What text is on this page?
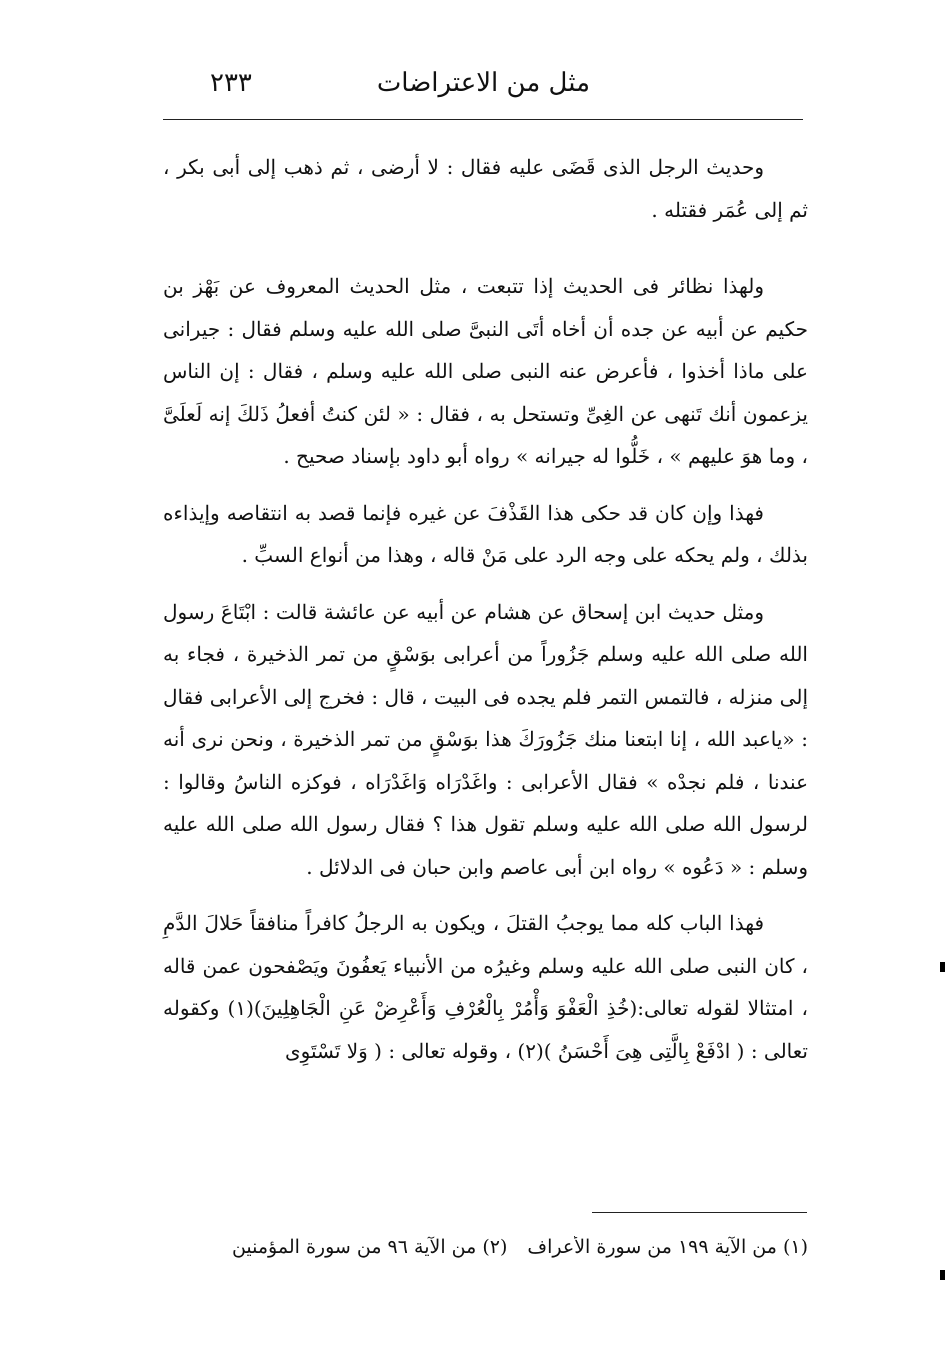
مثل من الاعتراضات
٢٣٣

وحديث الرجل الذى قَضَى عليه فقال : لا أرضى ، ثم ذهب إلى أبى بكر ، ثم إلى عُمَر فقتله .

ولهذا نظائر فى الحديث إذا تتبعت ، مثل الحديث المعروف عن بَهْز بن حكيم عن أبيه عن جده أن أخاه أتَى النبىَّ صلى الله عليه وسلم فقال : جيرانى على ماذا أخذوا ، فأعرض عنه النبى صلى الله عليه وسلم ، فقال : إن الناس يزعمون أنك تَنهى عن الغِىِّ وتستحل به ، فقال : « لئن كنتُ أفعلُ ذَلكَ إنه لَعلَىَّ ، وما هوَ عليهم » ، خَلُّوا له جيرانه » رواه أبو داود بإسناد صحيح .

فهذا وإن كان قد حكى هذا القَذْفَ عن غيره فإنما قصد به انتقاصه وإيذاءه بذلك ، ولم يحكه على وجه الرد على مَنْ قاله ، وهذا من أنواع السبِّ .

ومثل حديث ابن إسحاق عن هشام عن أبيه عن عائشة قالت : ابْتَاعَ رسول الله صلى الله عليه وسلم جَزُوراً من أعرابى بوَسْقٍ من تمر الذخيرة ، فجاء به إلى منزله ، فالتمس التمر فلم يجده فى البيت ، قال : فخرج إلى الأعرابى فقال : «ياعبد الله ، إنا ابتعنا منك جَزُورَكَ هذا بوَسْقٍ من تمر الذخيرة ، ونحن نرى أنه عندنا ، فلم نجدْه » فقال الأعرابى : واغَدْرَاه وَاغَدْرَاه ، فوكزه الناسُ وقالوا : لرسول الله صلى الله عليه وسلم تقول هذا ؟ فقال رسول الله صلى الله عليه وسلم : « دَعُوه » رواه ابن أبى عاصم وابن حبان فى الدلائل .

فهذا الباب كله مما يوجبُ القتلَ ، ويكون به الرجلُ كافراً منافقاً حَلالَ الدَّمِ ، كان النبى صلى الله عليه وسلم وغيرُه من الأنبياء يَعفُونَ ويَصْفحون عمن قاله ، امتثالا لقوله تعالى:(خُذِ الْعَفْوَ وَأْمُرْ بِالْعُرْفِ وَأَعْرِضْ عَنِ الْجَاهِلِينَ)(١) وكقوله تعالى : ( ادْفَعْ بِالَّتِى هِىَ أَحْسَنُ )(٢) ، وقوله تعالى : ( وَلا تَسْتَوِى

(١) من الآية ١٩٩ من سورة الأعراف (٢) من الآية ٩٦ من سورة المؤمنين
